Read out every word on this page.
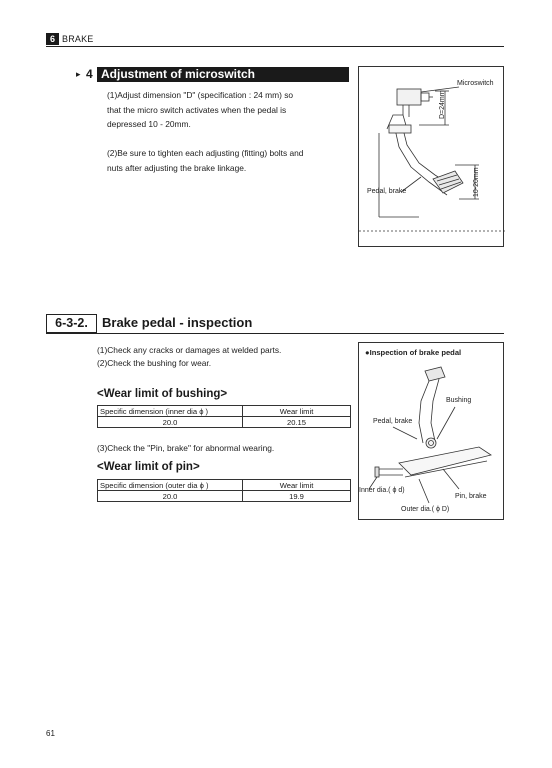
6 BRAKE
▸ 4 Adjustment of microswitch
(1)Adjust dimension "D" (specification : 24 mm) so
that the micro switch activates when the pedal is
depressed 10 - 20mm.
(2)Be sure to tighten each adjusting (fitting) bolts and
nuts after adjusting the brake linkage.
Microswitch
D=24mm
Pedal, brake	10-20mm
6-3-2.	Brake pedal - inspection
(1)Check any cracks or damages at welded parts.
(2)Check the bushing for wear.
<Wear limit of bushing>
Specific dimension (inner dia ϕ )	Wear limit
20.0	20.15
(3)Check the "Pin, brake" for abnormal wearing.
<Wear limit of pin>
Specific dimension (outer dia ϕ )	Wear limit
20.0	19.9
●Inspection of brake pedal
Bushing
Pedal, brake
Inner dia.( ϕ d)
Pin, brake
Outer dia.( ϕ D)
61
